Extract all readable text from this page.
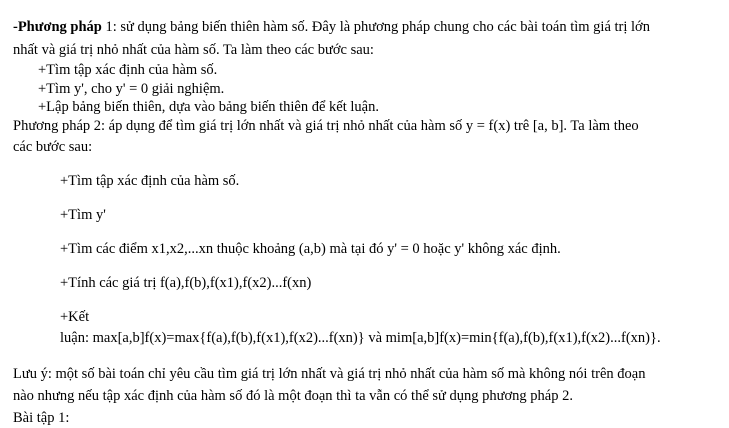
-Phương pháp 1: sử dụng bảng biến thiên hàm số. Đây là phương pháp chung cho các bài toán tìm giá trị lớn
nhất và giá trị nhỏ nhất của hàm số. Ta làm theo các bước sau:
+Tìm tập xác định của hàm số.
+Tìm y', cho y' = 0 giải nghiệm.
+Lập bảng biến thiên, dựa vào bảng biến thiên để kết luận.
Phương pháp 2: áp dụng để tìm giá trị lớn nhất và giá trị nhỏ nhất của hàm số y = f(x) trê [a, b]. Ta làm theo
các bước sau:
+Tìm tập xác định của hàm số.
+Tìm y'
+Tìm các điểm x1,x2,...xn thuộc khoảng (a,b) mà tại đó y' = 0 hoặc y' không xác định.
+Tính các giá trị f(a),f(b),f(x1),f(x2)...f(xn)
+Kết
luận: max[a,b]f(x)=max{f(a),f(b),f(x1),f(x2)...f(xn)} và mim[a,b]f(x)=min{f(a),f(b),f(x1),f(x2)...f(xn)}.
Lưu ý: một số bài toán chỉ yêu cầu tìm giá trị lớn nhất và giá trị nhỏ nhất của hàm số mà không nói trên đoạn
nào nhưng nếu tập xác định của hàm số đó là một đoạn thì ta vẫn có thể sử dụng phương pháp 2.
Bài tập 1:
